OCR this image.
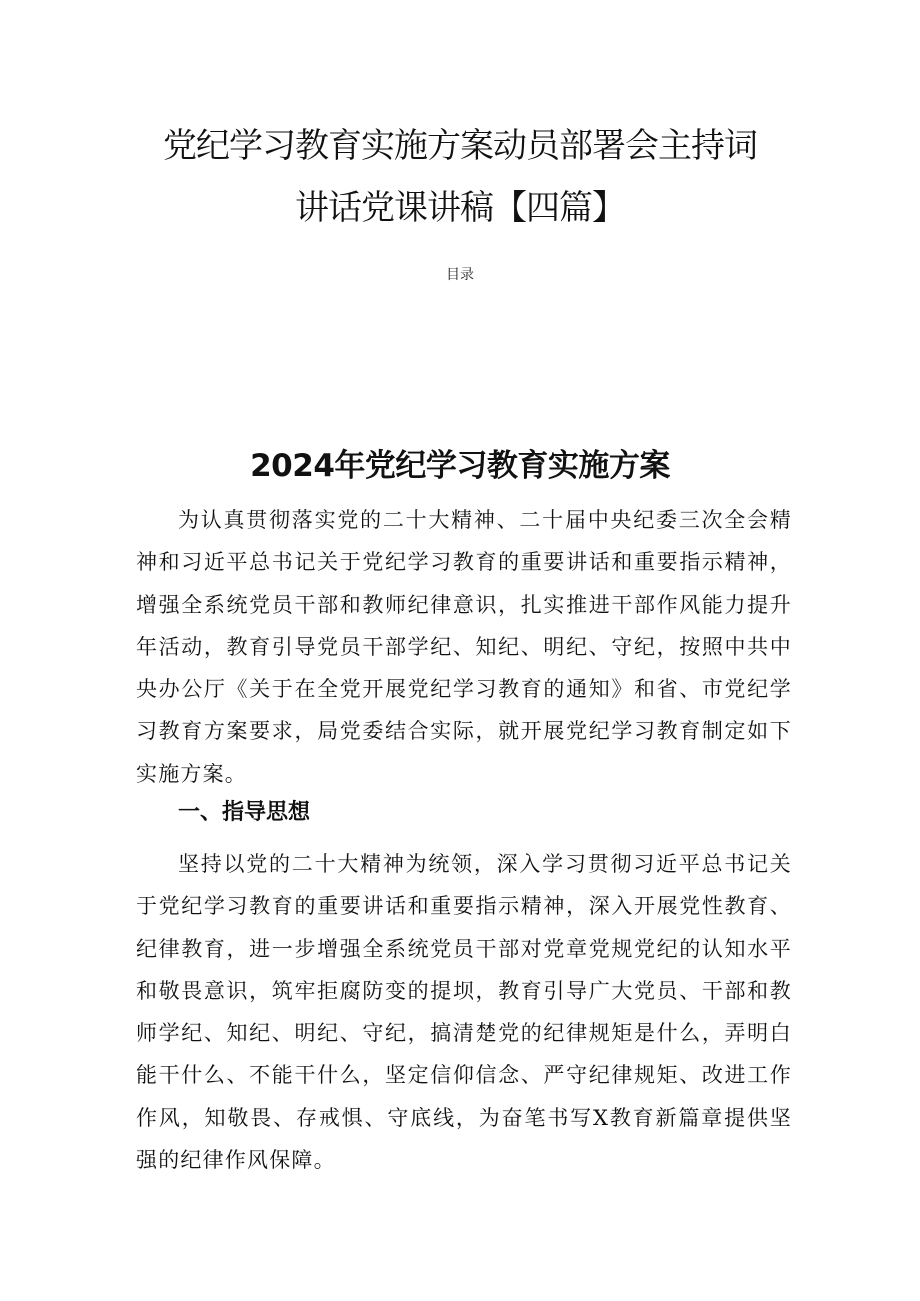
党纪学习教育实施方案动员部署会主持词
讲话党课讲稿【四篇】
目录
2024年党纪学习教育实施方案

为认真贯彻落实党的二十大精神、二十届中央纪委三次全会精神和习近平总书记关于党纪学习教育的重要讲话和重要指示精神，增强全系统党员干部和教师纪律意识，扎实推进干部作风能力提升年活动，教育引导党员干部学纪、知纪、明纪、守纪，按照中共中央办公厅《关于在全党开展党纪学习教育的通知》和省、市党纪学习教育方案要求，局党委结合实际，就开展党纪学习教育制定如下实施方案。

一、指导思想

坚持以党的二十大精神为统领，深入学习贯彻习近平总书记关于党纪学习教育的重要讲话和重要指示精神，深入开展党性教育、纪律教育，进一步增强全系统党员干部对党章党规党纪的认知水平和敬畏意识，筑牢拒腐防变的提坝，教育引导广大党员、干部和教师学纪、知纪、明纪、守纪，搞清楚党的纪律规矩是什么，弄明白能干什么、不能干什么，坚定信仰信念、严守纪律规矩、改进工作作风，知敬畏、存戒惧、守底线，为奋笔书写X教育新篇章提供坚强的纪律作风保障。
